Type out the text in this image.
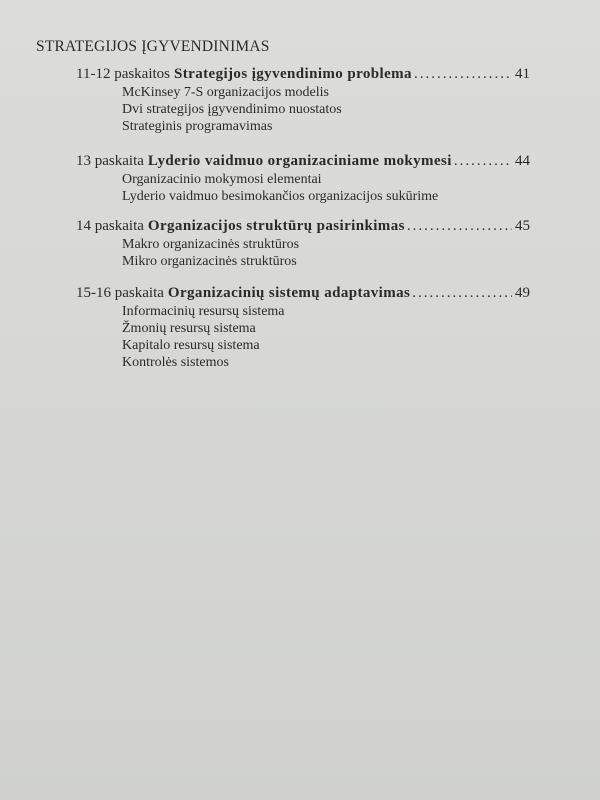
STRATEGIJOS ĮGYVENDINIMAS
11-12 paskaitos Strategijos įgyvendinimo problema .....	41
McKinsey 7-S organizacijos modelis
Dvi strategijos įgyvendinimo nuostatos
Strateginis programavimas
13 paskaita Lyderio vaidmuo organizaciniame mokymesi .....	44
Organizacinio mokymosi elementai
Lyderio vaidmuo besimokančios organizacijos sukūrime
14 paskaita Organizacijos struktūrų pasirinkimas .....	45
Makro organizacinės struktūros
Mikro organizacinės struktūros
15-16 paskaita Organizacinių sistemų adaptavimas .....	49
Informacinių resursų sistema
Žmonių resursų sistema
Kapitalo resursų sistema
Kontrolės sistemos
